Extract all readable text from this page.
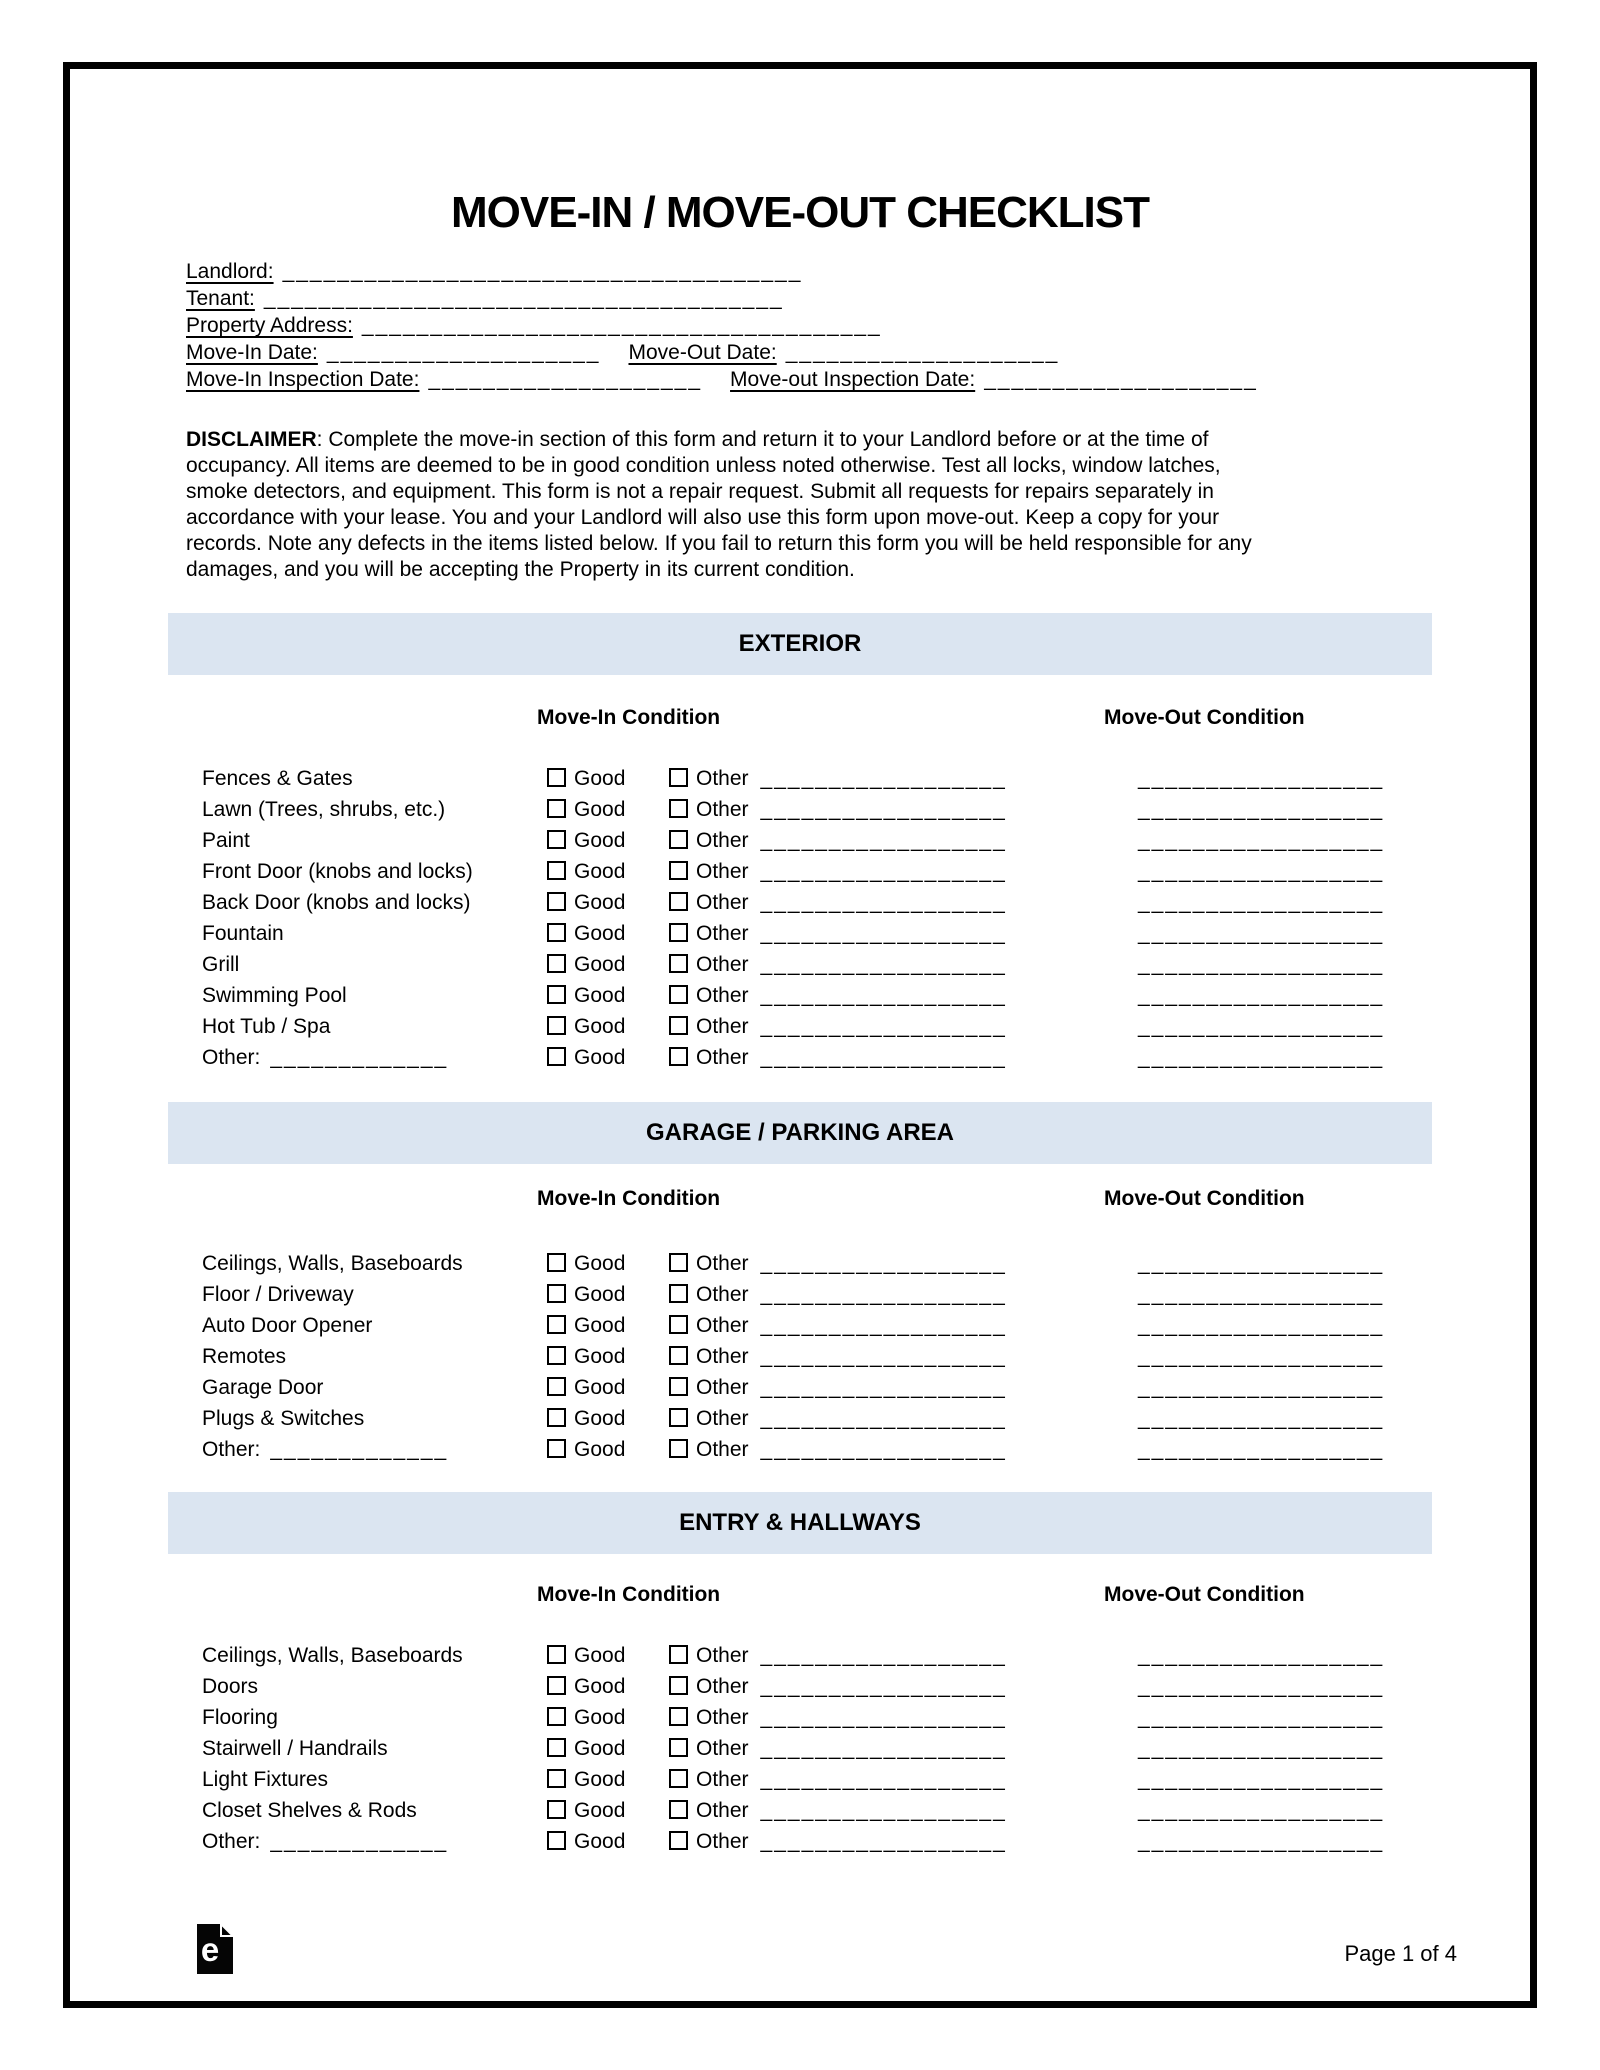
MOVE-IN / MOVE-OUT CHECKLIST
Landlord: ______________________________________
Tenant: ______________________________________
Property Address: ______________________________________
Move-In Date: ____________________ Move-Out Date: ____________________
Move-In Inspection Date: ____________________ Move-out Inspection Date: ____________________
DISCLAIMER: Complete the move-in section of this form and return it to your Landlord before or at the time of
occupancy. All items are deemed to be in good condition unless noted otherwise. Test all locks, window latches,
smoke detectors, and equipment. This form is not a repair request. Submit all requests for repairs separately in
accordance with your lease. You and your Landlord will also use this form upon move-out. Keep a copy for your
records. Note any defects in the items listed below. If you fail to return this form you will be held responsible for any
damages, and you will be accepting the Property in its current condition.
EXTERIOR
Move-In Condition	Move-Out Condition
Fences & Gates	Good	Other __________________	__________________
Lawn (Trees, shrubs, etc.)	Good	Other __________________	__________________
Paint	Good	Other __________________	__________________
Front Door (knobs and locks)	Good	Other __________________	__________________
Back Door (knobs and locks)	Good	Other __________________	__________________
Fountain	Good	Other __________________	__________________
Grill	Good	Other __________________	__________________
Swimming Pool	Good	Other __________________	__________________
Hot Tub / Spa	Good	Other __________________	__________________
Other: _____________	Good	Other __________________	__________________
GARAGE / PARKING AREA
Move-In Condition	Move-Out Condition
Ceilings, Walls, Baseboards	Good	Other __________________	__________________
Floor / Driveway	Good	Other __________________	__________________
Auto Door Opener	Good	Other __________________	__________________
Remotes	Good	Other __________________	__________________
Garage Door	Good	Other __________________	__________________
Plugs & Switches	Good	Other __________________	__________________
Other: _____________	Good	Other __________________	__________________
ENTRY & HALLWAYS
Move-In Condition	Move-Out Condition
Ceilings, Walls, Baseboards	Good	Other __________________	__________________
Doors	Good	Other __________________	__________________
Flooring	Good	Other __________________	__________________
Stairwell / Handrails	Good	Other __________________	__________________
Light Fixtures	Good	Other __________________	__________________
Closet Shelves & Rods	Good	Other __________________	__________________
Other: _____________	Good	Other __________________	__________________
e	Page 1 of 4
